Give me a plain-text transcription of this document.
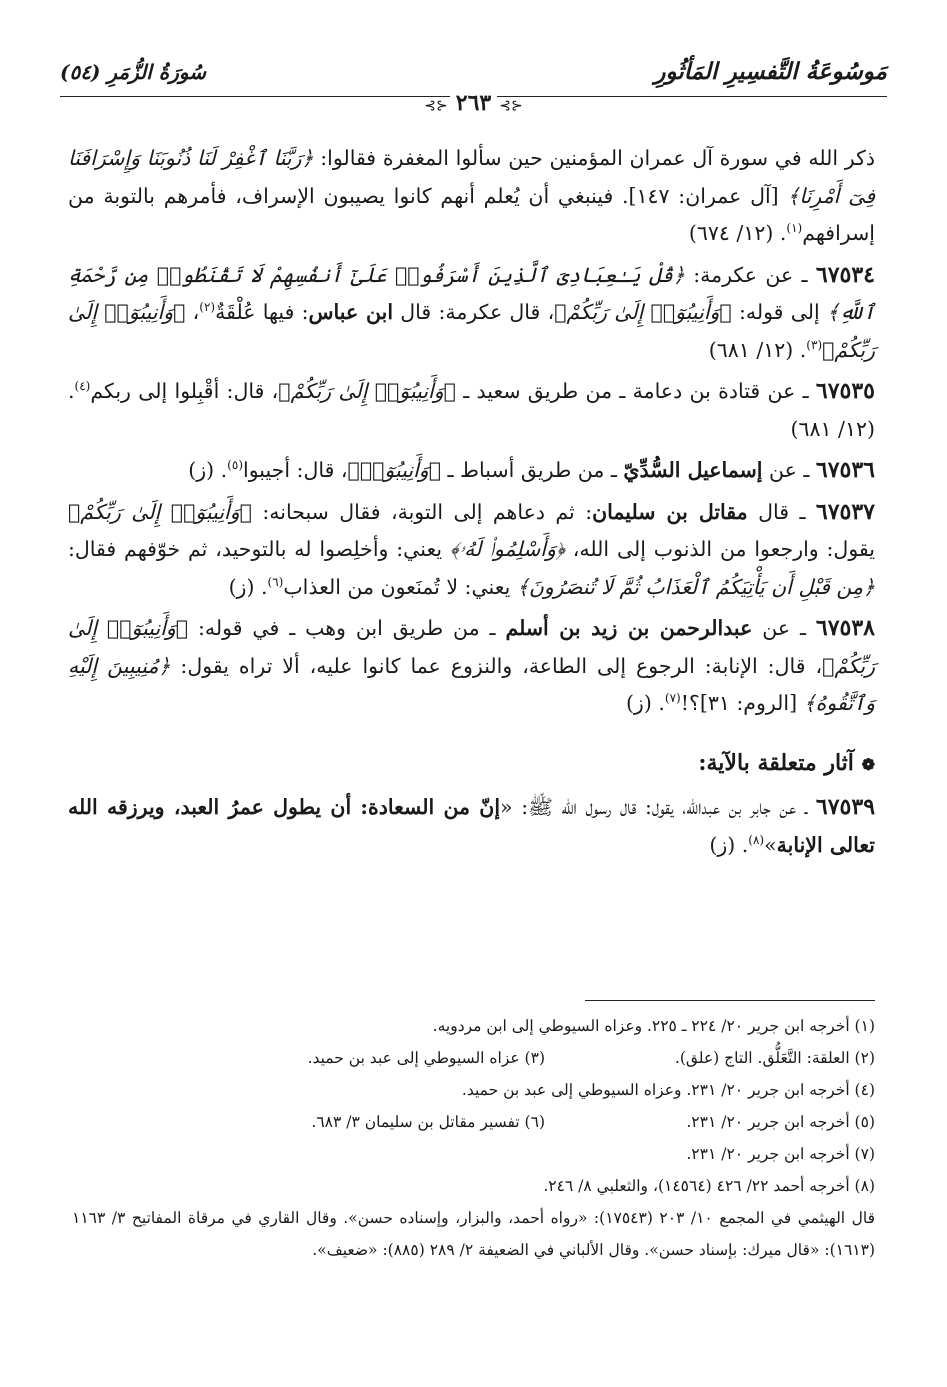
مَوسُوعَةُ التَّفسِيرِ المَأثُورِ
سُورَةُ الزُّمَرِ (٥٤)
⊰⊱٢٦٣⊰⊱

ذكر الله في سورة آل عمران المؤمنين حين سألوا المغفرة فقالوا: ﴿رَبَّنَا ٱغْفِرْ لَنَا ذُنُوبَنَا وَإِسْرَافَنَا فِىٓ أَمْرِنَا﴾ [آل عمران: ١٤٧]. فينبغي أن يُعلم أنهم كانوا يصيبون الإسراف، فأمرهم بالتوبة من إسرافهم$^{(١)}$. (١٢/ ٦٧٤)

٦٧٥٣٤ ـ عن عكرمة: ﴿قُلْ يَـٰعِبَادِىَ ٱلَّذِينَ أَسْرَفُوا۟ عَلَىٰٓ أَنفُسِهِمْ لَا تَقْنَطُوا۟ مِن رَّحْمَةِ ٱللَّهِ﴾ إلى قوله: ﴿وَأَنِيبُوٓا۟ إِلَىٰ رَبِّكُمْ﴾، قال عكرمة: قال ابن عباس: فيها عُلْقَةٌ$^{(٢)}$، ﴿وَأَنِيبُوٓا۟ إِلَىٰ رَبِّكُمْ﴾$^{(٣)}$. (١٢/ ٦٨١)

٦٧٥٣٥ ـ عن قتادة بن دعامة ـ من طريق سعيد ـ ﴿وَأَنِيبُوٓا۟ إِلَىٰ رَبِّكُمْ﴾، قال: أقْبِلوا إلى ربكم$^{(٤)}$. (١٢/ ٦٨١)

٦٧٥٣٦ ـ عن إسماعيل السُّدِّيّ ـ من طريق أسباط ـ ﴿وَأَنِيبُوٓا۟﴾، قال: أجيبوا$^{(٥)}$. (ز)

٦٧٥٣٧ ـ قال مقاتل بن سليمان: ثم دعاهم إلى التوبة، فقال سبحانه: ﴿وَأَنِيبُوٓا۟ إِلَىٰ رَبِّكُمْ﴾ يقول: وارجعوا من الذنوب إلى الله، ﴿وَأَسْلِمُوا۟ لَهُۥ﴾ يعني: وأخلِصوا له بالتوحيد، ثم خوّفهم فقال: ﴿مِن قَبْلِ أَن يَأْتِيَكُمُ ٱلْعَذَابُ ثُمَّ لَا تُنصَرُونَ﴾ يعني: لا تُمنَعون من العذاب$^{(٦)}$. (ز)

٦٧٥٣٨ ـ عن عبدالرحمن بن زيد بن أسلم ـ من طريق ابن وهب ـ في قوله: ﴿وَأَنِيبُوٓا۟ إِلَىٰ رَبِّكُمْ﴾، قال: الإنابة: الرجوع إلى الطاعة، والنزوع عما كانوا عليه، ألا تراه يقول: ﴿مُنِيبِينَ إِلَيْهِ وَٱتَّقُوهُ﴾ [الروم: ٣١]؟!$^{(٧)}$. (ز)

❁ آثار متعلقة بالآية:

٦٧٥٣٩ ـ عن جابر بن عبدالله، يقول: قال رسول الله ﷺ: «إنّ من السعادة: أن يطول عمرُ العبد، ويرزقه الله تعالى الإنابة»$^{(٨)}$. (ز)

(١) أخرجه ابن جرير ٢٠/ ٢٢٤ ـ ٢٢٥. وعزاه السيوطي إلى ابن مردويه.
(٢) العلقة: التَّعَلُّق. التاج (علق).
(٣) عزاه السيوطي إلى عبد بن حميد.
(٤) أخرجه ابن جرير ٢٠/ ٢٣١. وعزاه السيوطي إلى عبد بن حميد.
(٥) أخرجه ابن جرير ٢٠/ ٢٣١.
(٦) تفسير مقاتل بن سليمان ٣/ ٦٨٣.
(٧) أخرجه ابن جرير ٢٠/ ٢٣١.
(٨) أخرجه أحمد ٢٢/ ٤٢٦ (١٤٥٦٤)، والثعلبي ٨/ ٢٤٦.
قال الهيثمي في المجمع ١٠/ ٢٠٣ (١٧٥٤٣): «رواه أحمد، والبزار، وإسناده حسن». وقال القاري في مرقاة المفاتيح ٣/ ١١٦٣ (١٦١٣): «قال ميرك: بإسناد حسن». وقال الألباني في الضعيفة ٢/ ٢٨٩ (٨٨٥): «ضعيف».
